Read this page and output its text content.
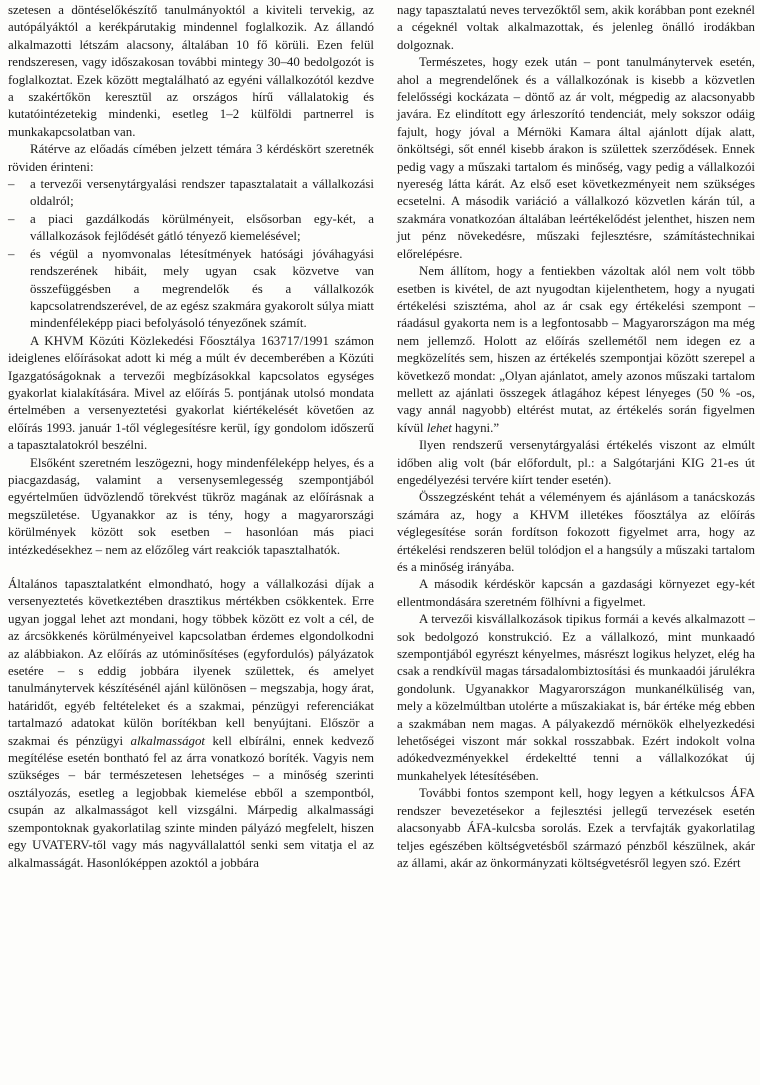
szetesen a döntéselőkészítő tanulmányoktól a kiviteli tervekig, az autópályáktól a kerékpárutakig mindennel foglalkozik. Az állandó alkalmazotti létszám alacsony, általában 10 fő körüli. Ezen felül rendszeresen, vagy időszakosan további mintegy 30–40 bedolgozót is foglalkoztat. Ezek között megtalálható az egyéni vállalkozótól kezdve a szakértőkön keresztül az országos hírű vállalatokig és kutatóintézetekig mindenki, esetleg 1–2 külföldi partnerrel is munkakapcsolatban van.

Rátérve az előadás címében jelzett témára 3 kérdéskört szeretnék röviden érinteni:

– a tervezői versenytárgyalási rendszer tapasztalatait a vállalkozási oldalról;
– a piaci gazdálkodás körülményeit, elsősorban egy-két, a vállalkozások fejlődését gátló tényező kiemelésével;
– és végül a nyomvonalas létesítmények hatósági jóváhagyási rendszerének hibáit, mely ugyan csak közvetve van összefüggésben a megrendelők és a vállalkozók kapcsolatrendszerével, de az egész szakmára gyakorolt súlya miatt mindenféleképp piaci befolyásoló tényezőnek számít.

A KHVM Közúti Közlekedési Főosztálya 163717/1991 számon ideiglenes előírásokat adott ki még a múlt év decemberében a Közúti Igazgatóságoknak a tervezői megbízásokkal kapcsolatos egységes gyakorlat kialakítására. Mivel az előírás 5. pontjának utolsó mondata értelmében a versenyeztetési gyakorlat kiértékelését követően az előírás 1993. január 1-től véglegesítésre kerül, így gondolom időszerű a tapasztalatokról beszélni.

Elsőként szeretném leszögezni, hogy mindenféleképp helyes, és a piacgazdaság, valamint a versenysemlegesség szempontjából egyértelműen üdvözlendő törekvést tükröz magának az előírásnak a megszületése. Ugyanakkor az is tény, hogy a magyarországi körülmények között sok esetben – hasonlóan más piaci intézkedésekhez – nem az előzőleg várt reakciók tapasztalhatók.

Általános tapasztalatként elmondható, hogy a vállalkozási díjak a versenyeztetés következtében drasztikus mértékben csökkentek. Erre ugyan joggal lehet azt mondani, hogy többek között ez volt a cél, de az árcsökkenés körülményeivel kapcsolatban érdemes elgondolkodni az alábbiakon. Az előírás az utóminősítéses (egyfordulós) pályázatok esetére – s eddig jobbára ilyenek születtek, és amelyet tanulmánytervek készítésénél ajánl különösen – megszabja, hogy árat, határidőt, egyéb feltételeket és a szakmai, pénzügyi referenciákat tartalmazó adatokat külön borítékban kell benyújtani. Először a szakmai és pénzügyi alkalmasságot kell elbírálni, ennek kedvező megítélése esetén bontható fel az árra vonatkozó boríték. Vagyis nem szükséges – bár természetesen lehetséges – a minőség szerinti osztályozás, esetleg a legjobbak kiemelése ebből a szempontból, csupán az alkalmasságot kell vizsgálni. Márpedig alkalmassági szempontoknak gyakorlatilag szinte minden pályázó megfelelt, hiszen egy UVATERV-től vagy más nagyvállalattól senki sem vitatja el az alkalmasságát. Hasonlóképpen azoktól a jobbára

nagy tapasztalatú neves tervezőktől sem, akik korábban pont ezeknél a cégeknél voltak alkalmazottak, és jelenleg önálló irodákban dolgoznak.

Természetes, hogy ezek után – pont tanulmánytervek esetén, ahol a megrendelőnek és a vállalkozónak is kisebb a közvetlen felelősségi kockázata – döntő az ár volt, mégpedig az alacsonyabb javára. Ez elindított egy árleszorító tendenciát, mely sokszor odáig fajult, hogy jóval a Mérnöki Kamara által ajánlott díjak alatt, önköltségi, sőt ennél kisebb árakon is születtek szerződések. Ennek pedig vagy a műszaki tartalom és minőség, vagy pedig a vállalkozói nyereség látta kárát. Az első eset következményeit nem szükséges ecsetelni. A második variáció a vállalkozó közvetlen kárán túl, a szakmára vonatkozóan általában leértékelődést jelenthet, hiszen nem jut pénz növekedésre, műszaki fejlesztésre, számítástechnikai előrelépésre.

Nem állítom, hogy a fentiekben vázoltak alól nem volt több esetben is kivétel, de azt nyugodtan kijelenthetem, hogy a nyugati értékelési szisztéma, ahol az ár csak egy értékelési szempont – ráadásul gyakorta nem is a legfontosabb – Magyarországon ma még nem jellemző. Holott az előírás szellemétől nem idegen ez a megközelítés sem, hiszen az értékelés szempontjai között szerepel a következő mondat: „Olyan ajánlatot, amely azonos műszaki tartalom mellett az ajánlati összegek átlagához képest lényeges (50 % -os, vagy annál nagyobb) eltérést mutat, az értékelés során figyelmen kívül lehet hagyni.”

Ilyen rendszerű versenytárgyalási értékelés viszont az elmúlt időben alig volt (bár előfordult, pl.: a Salgótarjáni KIG 21-es út engedélyezési tervére kiírt tender esetén).

Összegzésként tehát a véleményem és ajánlásom a tanácskozás számára az, hogy a KHVM illetékes főosztálya az előírás véglegesítése során fordítson fokozott figyelmet arra, hogy az értékelési rendszeren belül tolódjon el a hangsúly a műszaki tartalom és a minőség irányába.

A második kérdéskör kapcsán a gazdasági környezet egy-két ellentmondására szeretném fölhívni a figyelmet.

A tervezői kisvállalkozások tipikus formái a kevés alkalmazott – sok bedolgozó konstrukció. Ez a vállalkozó, mint munkaadó szempontjából egyrészt kényelmes, másrészt logikus helyzet, elég ha csak a rendkívül magas társadalombiztosítási és munkaadói járulékra gondolunk. Ugyanakkor Magyarországon munkanélküliség van, mely a közelmúltban utolérte a műszakiakat is, bár értéke még ebben a szakmában nem magas. A pályakezdő mérnökök elhelyezkedési lehetőségei viszont már sokkal rosszabbak. Ezért indokolt volna adókedvezményekkel érdekeltté tenni a vállalkozókat új munkahelyek létesítésében.

További fontos szempont kell, hogy legyen a kétkulcsos ÁFA rendszer bevezetésekor a fejlesztési jellegű tervezések esetén alacsonyabb ÁFA-kulcsba sorolás. Ezek a tervfajták gyakorlatilag teljes egészében költségvetésből származó pénzből készülnek, akár az állami, akár az önkormányzati költségvetésről legyen szó. Ezért
